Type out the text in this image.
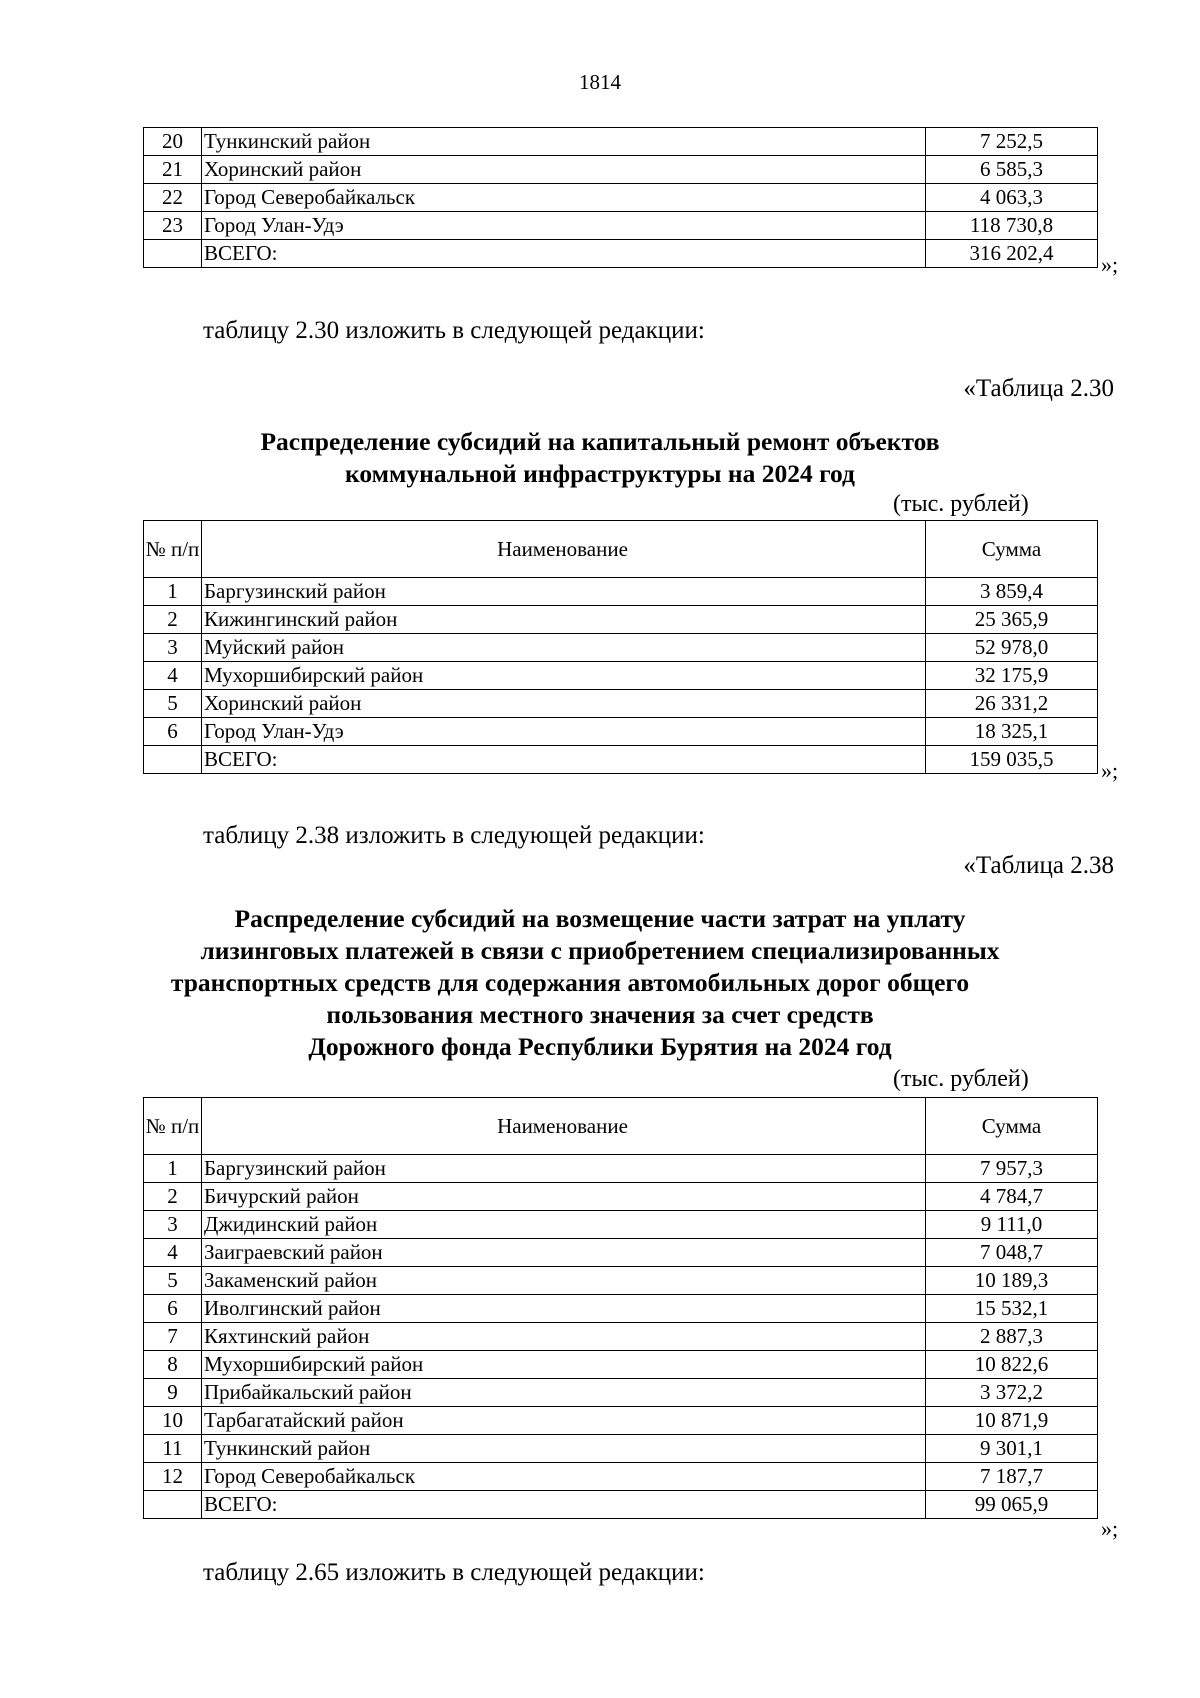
1814
20	Тункинский район	7 252,5
21	Хоринский район	6 585,3
22	Город Северобайкальск	4 063,3
23	Город Улан-Удэ	118 730,8
	ВСЕГО:	316 202,4 »;
таблицу 2.30 изложить в следующей редакции:
«Таблица 2.30
Распределение субсидий на капитальный ремонт объектов
коммунальной инфраструктуры на 2024 год
(тыс. рублей)
№ п/п	Наименование	Сумма
1	Баргузинский район	3 859,4
2	Кижингинский район	25 365,9
3	Муйский район	52 978,0
4	Мухоршибирский район	32 175,9
5	Хоринский район	26 331,2
6	Город Улан-Удэ	18 325,1
	ВСЕГО:	159 035,5 »;
таблицу 2.38 изложить в следующей редакции:
«Таблица 2.38
Распределение субсидий на возмещение части затрат на уплату
лизинговых платежей в связи с приобретением специализированных
транспортных средств для содержания автомобильных дорог общего
пользования местного значения за счет средств
Дорожного фонда Республики Бурятия на 2024 год
(тыс. рублей)
№ п/п	Наименование	Сумма
1	Баргузинский район	7 957,3
2	Бичурский район	4 784,7
3	Джидинский район	9 111,0
4	Заиграевский район	7 048,7
5	Закаменский район	10 189,3
6	Иволгинский район	15 532,1
7	Кяхтинский район	2 887,3
8	Мухоршибирский район	10 822,6
9	Прибайкальский район	3 372,2
10	Тарбагатайский район	10 871,9
11	Тункинский район	9 301,1
12	Город Северобайкальск	7 187,7
	ВСЕГО:	99 065,9
»;
таблицу 2.65 изложить в следующей редакции:
